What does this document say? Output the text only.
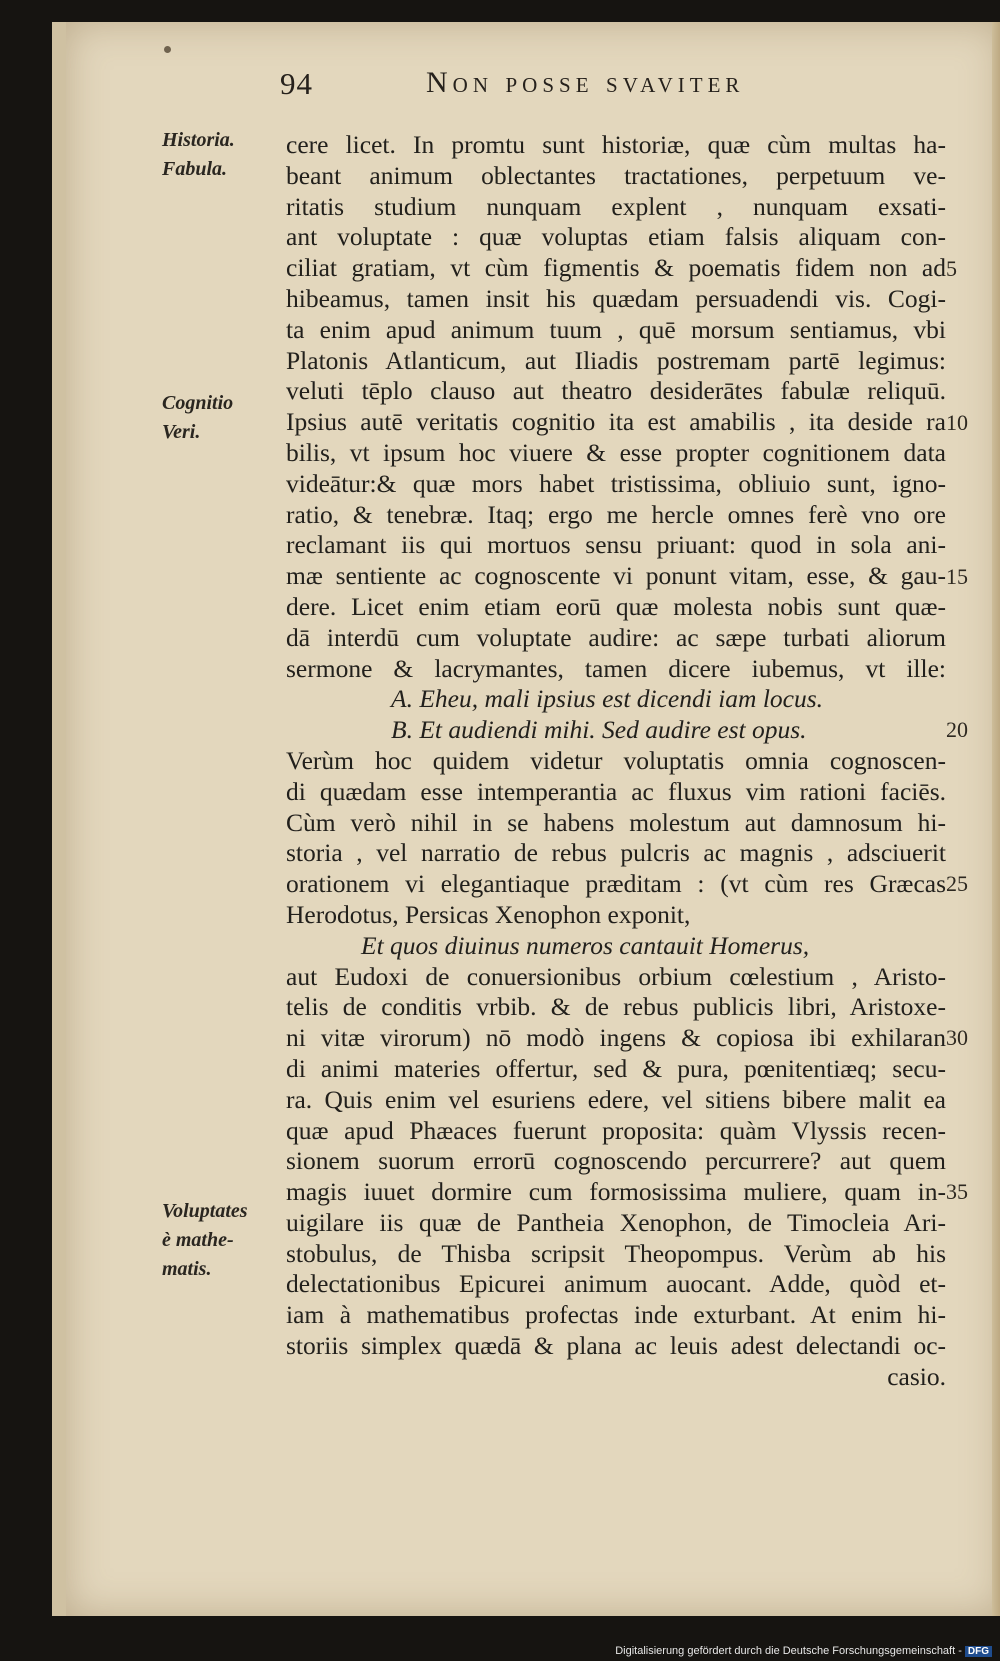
94	Non posse svaviter
Historia.
Fabula.
Cognitio
Veri.
Voluptates
è mathe-
matis.
5
10
15
20
25
30
35
cere licet. In promtu sunt historiæ, quæ cùm multas ha-
beant animum oblectantes tractationes, perpetuum ve-
ritatis studium nunquam explent , nunquam exsati-
ant voluptate : quæ voluptas etiam falsis aliquam con-
ciliat gratiam, vt cùm figmentis & poematis fidem non ad
hibeamus, tamen insit his quædam persuadendi vis. Cogi-
ta enim apud animum tuum , quē morsum sentiamus, vbi
Platonis Atlanticum, aut Iliadis postremam partē legimus:
veluti tēplo clauso aut theatro desiderātes fabulæ reliquū.
Ipsius autē veritatis cognitio ita est amabilis , ita deside ra
bilis, vt ipsum hoc viuere & esse propter cognitionem data
videātur:& quæ mors habet tristissima, obliuio sunt, igno-
ratio, & tenebræ. Itaq; ergo me hercle omnes ferè vno ore
reclamant iis qui mortuos sensu priuant: quod in sola ani-
mæ sentiente ac cognoscente vi ponunt vitam, esse, & gau-
dere. Licet enim etiam eorū quæ molesta nobis sunt quæ-
dā interdū cum voluptate audire: ac sæpe turbati aliorum
sermone & lacrymantes, tamen dicere iubemus, vt ille:
A. Eheu, mali ipsius est dicendi iam locus.
B. Et audiendi mihi. Sed audire est opus.
Verùm hoc quidem videtur voluptatis omnia cognoscen-
di quædam esse intemperantia ac fluxus vim rationi faciēs.
Cùm verò nihil in se habens molestum aut damnosum hi-
storia , vel narratio de rebus pulcris ac magnis , adsciuerit
orationem vi elegantiaque præditam : (vt cùm res Græcas
Herodotus, Persicas Xenophon exponit,
Et quos diuinus numeros cantauit Homerus,
aut Eudoxi de conuersionibus orbium cœlestium , Aristo-
telis de conditis vrbib. & de rebus publicis libri, Aristoxe-
ni vitæ virorum) nō modò ingens & copiosa ibi exhilaran
di animi materies offertur, sed & pura, pœnitentiæq; secu-
ra. Quis enim vel esuriens edere, vel sitiens bibere malit ea
quæ apud Phæaces fuerunt proposita: quàm Vlyssis recen-
sionem suorum errorū cognoscendo percurrere? aut quem
magis iuuet dormire cum formosissima muliere, quam in-
uigilare iis quæ de Pantheia Xenophon, de Timocleia Ari-
stobulus, de Thisba scripsit Theopompus. Verùm ab his
delectationibus Epicurei animum auocant. Adde, quòd et-
iam à mathematibus profectas inde exturbant. At enim hi-
storiis simplex quædā & plana ac leuis adest delectandi oc-
casio.
Digitalisierung gefördert durch die Deutsche Forschungsgemeinschaft - DFG
